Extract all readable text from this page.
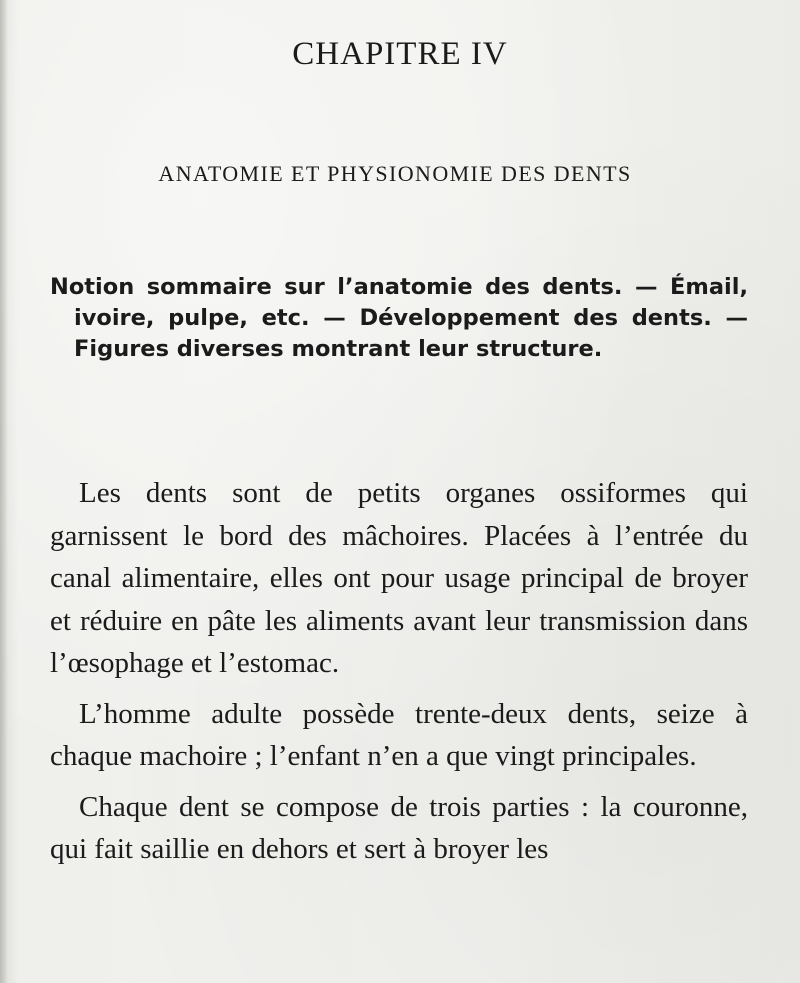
CHAPITRE IV
ANATOMIE ET PHYSIONOMIE DES DENTS
Notion sommaire sur l’anatomie des dents. — Émail, ivoire, pulpe, etc. — Développement des dents. — Figures diverses montrant leur structure.

Les dents sont de petits organes ossiformes qui garnissent le bord des mâchoires. Placées à l’entrée du canal alimentaire, elles ont pour usage principal de broyer et réduire en pâte les aliments avant leur transmission dans l’œsophage et l’estomac.

L’homme adulte possède trente-deux dents, seize à chaque machoire ; l’enfant n’en a que vingt principales.

Chaque dent se compose de trois parties : la couronne, qui fait saillie en dehors et sert à broyer les
